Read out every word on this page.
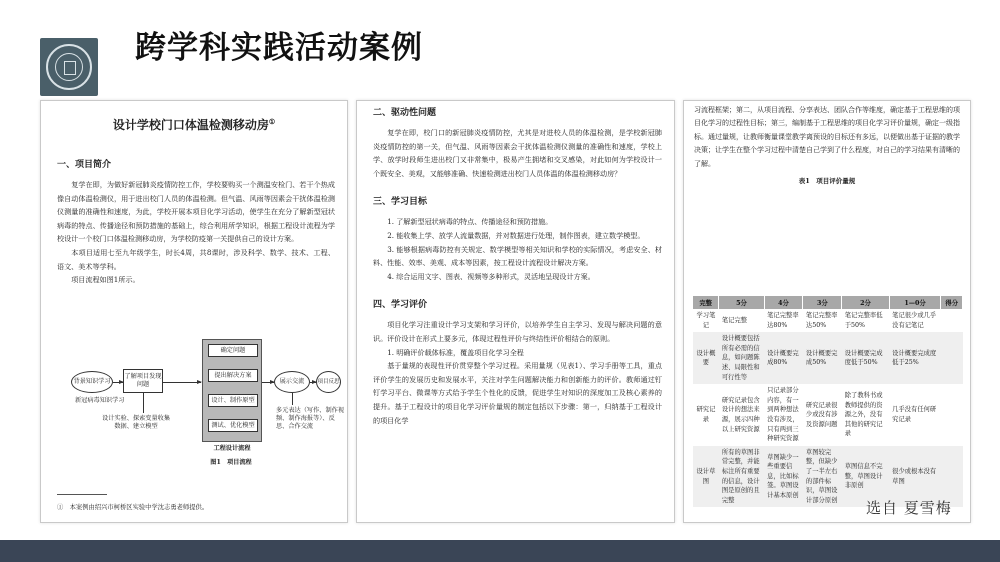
跨学科实践活动案例
设计学校门口体温检测移动房①
一、项目简介
复学在即，为做好新冠肺炎疫情防控工作，学校要购买一个测温安检门、若干个热成像自动体温检测仪，用于进出校门人员的体温检测。但气温、风雨等因素会干扰体温检测仪测量的准确性和速度，为此，学校开展本项目化学习活动，使学生在充分了解新型冠状病毒的特点、传播途径和预防措施的基础上，综合利用所学知识，根据工程设计流程为学校设计一个校门口体温检测移动房，为学校防疫第一关提供自己的设计方案。
本项目适用七至九年级学生，时长4周，共8课时，涉及科学、数学、技术、工程、语文、美术等学科。
项目流程如图1所示。
背景知识学习
了解项目发现问题
确定问题
提出解决方案
设计、制作原型
测试、优化模型
工程设计流程
展示交流	项目反思
新冠病毒知识学习
设计实验、探索变量收集数据、建立模型
多元表达（写作、制作视频、制作海报等）、反思、合作交流
图1　项目流程
①　本案例由绍兴市柯桥区实验中学沈志勇老师提供。
二、驱动性问题
复学在即，校门口的新冠肺炎疫情防控，尤其是对进校人员的体温检测，是学校新冠肺炎疫情防控的第一关，但气温、风雨等因素会干扰体温检测仪测量的准确性和速度，学校上学、放学时段师生进出校门又非常集中，极易产生拥堵和交叉感染，对此如何为学校设计一个既安全、美观，又能够准确、快速检测进出校门人员体温的体温检测移动房？
三、学习目标
1. 了解新型冠状病毒的特点、传播途径和预防措施。
2. 能收集上学、放学人流量数据，并对数据进行处理，制作图表，建立数学模型。
3. 能够根据病毒防控有关规定、数学模型等相关知识和学校的实际情况，考虑安全、材料、性能、效率、美观、成本等因素，按工程设计流程设计解决方案。
4. 综合运用文字、图表、视频等多种形式，灵活地呈现设计方案。
四、学习评价
项目化学习注重设计学习支架和学习评价，以培养学生自主学习、发现与解决问题的意识。评价设计在形式上要多元，体现过程性评价与终结性评价相结合的原则。
1. 明确评价载体标准，覆盖项目化学习全程
基于量规的表现性评价贯穿整个学习过程。采用量规（见表1）、学习手册等工具，重点评价学生的发展历史和发展水平，关注对学生问题解决能力和创新能力的评价。教师通过钉钉学习平台、微课等方式给予学生个性化的反馈，促进学生对知识的深度加工及核心素养的提升。基于工程设计的项目化学习评价量规的制定包括以下步骤：第一，归纳基于工程设计的项目化学
习流程框架；第二，从项目流程、分享表达、团队合作等维度，确定基于工程思维的项目化学习的过程性目标；第三，编制基于工程思维的项目化学习评价量规，确定一级指标。通过量规，让教师衡量课堂教学离预设的目标还有多远，以便做出基于证据的教学决策；让学生在整个学习过程中清楚自己学到了什么程度，对自己的学习结果有清晰的了解。
表1　项目评价量规
完整	5分	4分	3分	2分	1—0分	得分
学习笔记	笔记完整	笔记完整率达80%	笔记完整率达50%	笔记完整率低于50%	笔记很少或几乎没有记笔记	
设计概要	设计概要包括所有必需的信息，如问题陈述、局限性和可行性等	设计概要完成80%	设计概要完成50%	设计概要完成度低于50%	设计概要完成度低于25%	
研究记录	研究记录包含设计的想法来源，展示四种以上研究资源	只记录部分内容，有一到两种想法没有涉及，只有两到三种研究资源	研究记录很少或没有涉及资源问题	除了教科书或教师提供的资源之外，没有其他的研究记录	几乎没有任何研究记录	
设计草图	所有的草图非常完整，并能标注所有重要的信息，设计图是原创的且完整	草图缺少一些重要信息，比如标签。草图设计基本原创	草图较完整，但缺少了一半左右的部件标识，草图设计部分原创	草图信息不完整，草图设计非原创	很少或根本没有草图	
选自 夏雪梅
